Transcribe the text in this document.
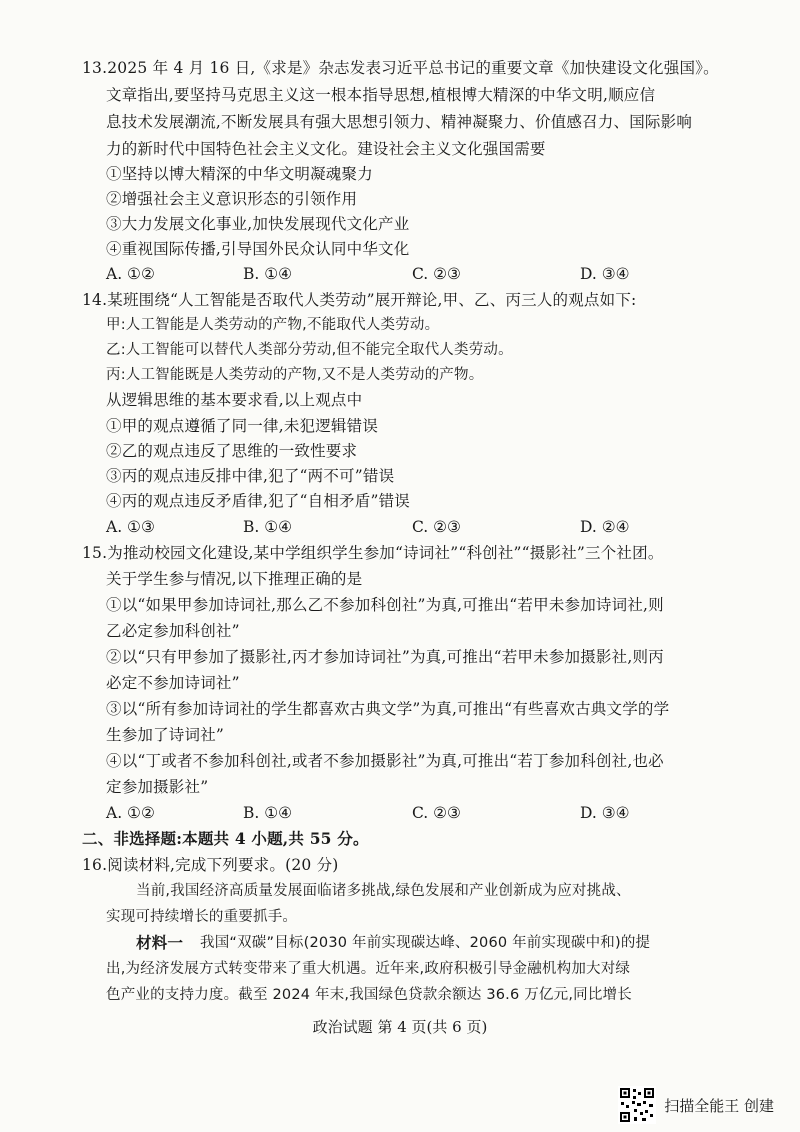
13.2025 年 4 月 16 日,《求是》杂志发表习近平总书记的重要文章《加快建设文化强国》。
文章指出,要坚持马克思主义这一根本指导思想,植根博大精深的中华文明,顺应信
息技术发展潮流,不断发展具有强大思想引领力、精神凝聚力、价值感召力、国际影响
力的新时代中国特色社会主义文化。建设社会主义文化强国需要
①坚持以博大精深的中华文明凝魂聚力
②增强社会主义意识形态的引领作用
③大力发展文化事业,加快发展现代文化产业
④重视国际传播,引导国外民众认同中华文化
A. ①②	B. ①④	C. ②③	D. ③④
14.某班围绕“人工智能是否取代人类劳动”展开辩论,甲、乙、丙三人的观点如下:
甲:人工智能是人类劳动的产物,不能取代人类劳动。
乙:人工智能可以替代人类部分劳动,但不能完全取代人类劳动。
丙:人工智能既是人类劳动的产物,又不是人类劳动的产物。
从逻辑思维的基本要求看,以上观点中
①甲的观点遵循了同一律,未犯逻辑错误
②乙的观点违反了思维的一致性要求
③丙的观点违反排中律,犯了“两不可”错误
④丙的观点违反矛盾律,犯了“自相矛盾”错误
A. ①③	B. ①④	C. ②③	D. ②④
15.为推动校园文化建设,某中学组织学生参加“诗词社”“科创社”“摄影社”三个社团。
关于学生参与情况,以下推理正确的是
①以“如果甲参加诗词社,那么乙不参加科创社”为真,可推出“若甲未参加诗词社,则
乙必定参加科创社”
②以“只有甲参加了摄影社,丙才参加诗词社”为真,可推出“若甲未参加摄影社,则丙
必定不参加诗词社”
③以“所有参加诗词社的学生都喜欢古典文学”为真,可推出“有些喜欢古典文学的学
生参加了诗词社”
④以“丁或者不参加科创社,或者不参加摄影社”为真,可推出“若丁参加科创社,也必
定参加摄影社”
A. ①②	B. ①④	C. ②③	D. ③④
二、非选择题:本题共 4 小题,共 55 分。
16.阅读材料,完成下列要求。(20 分)
当前,我国经济高质量发展面临诸多挑战,绿色发展和产业创新成为应对挑战、
实现可持续增长的重要抓手。
材料一 我国“双碳”目标(2030 年前实现碳达峰、2060 年前实现碳中和)的提
出,为经济发展方式转变带来了重大机遇。近年来,政府积极引导金融机构加大对绿
色产业的支持力度。截至 2024 年末,我国绿色贷款余额达 36.6 万亿元,同比增长
政治试题 第 4 页(共 6 页)
扫描全能王 创建
